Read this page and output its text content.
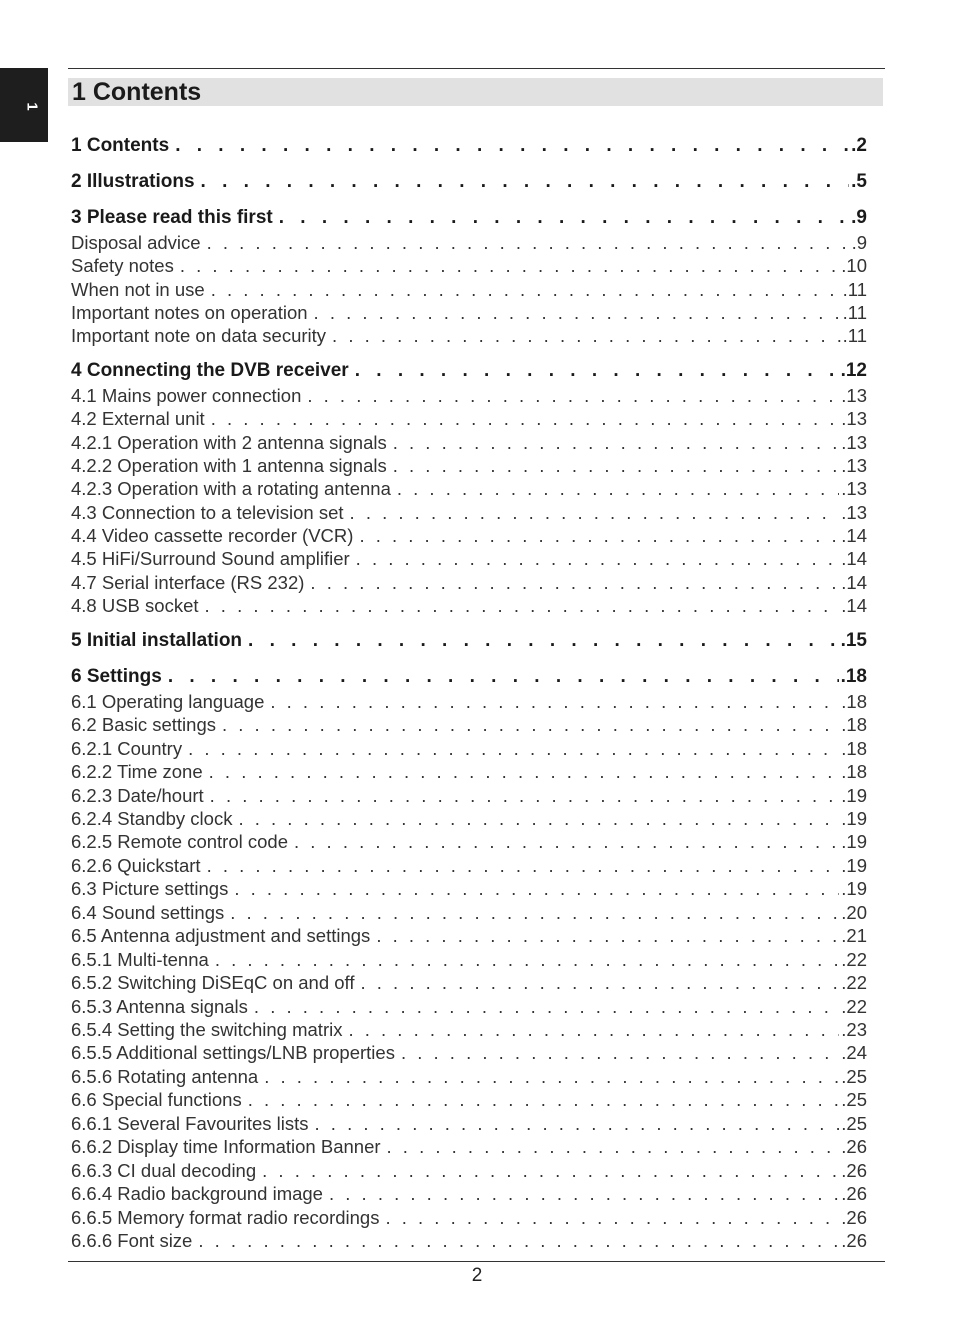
1
1 Contents
1 Contents . . .	.2
2 Illustrations . . .	.5
3 Please read this first . . .	.9
Disposal advice . . .	.9
Safety notes . . .	.10
When not in use . . .	.11
Important notes on operation . . .	.11
Important note on data security . . .	.11
4 Connecting the DVB receiver . . .	.12
4.1 Mains power connection . . .	.13
4.2 External unit . . .	.13
4.2.1 Operation with 2 antenna signals . . .	.13
4.2.2 Operation with 1 antenna signals . . .	.13
4.2.3 Operation with a rotating antenna . . .	.13
4.3 Connection to a television set . . .	.13
4.4 Video cassette recorder (VCR) . . .	.14
4.5 HiFi/Surround Sound amplifier . . .	.14
4.7 Serial interface (RS 232) . . .	.14
4.8 USB socket . . .	.14
5 Initial installation . . .	.15
6 Settings . . .	.18
6.1 Operating language . . .	.18
6.2 Basic settings . . .	.18
6.2.1 Country . . .	.18
6.2.2 Time zone . . .	.18
6.2.3 Date/hourt . . .	.19
6.2.4 Standby clock . . .	.19
6.2.5 Remote control code . . .	.19
6.2.6 Quickstart . . .	.19
6.3 Picture settings . . .	.19
6.4 Sound settings . . .	.20
6.5 Antenna adjustment and settings . . .	.21
6.5.1 Multi-tenna . . .	.22
6.5.2 Switching DiSEqC on and off . . .	.22
6.5.3 Antenna signals . . .	.22
6.5.4 Setting the switching matrix . . .	.23
6.5.5 Additional settings/LNB properties . . .	.24
6.5.6 Rotating antenna . . .	.25
6.6 Special functions . . .	.25
6.6.1 Several Favourites lists . . .	.25
6.6.2 Display time Information Banner . . .	.26
6.6.3 CI dual decoding . . .	.26
6.6.4 Radio background image . . .	.26
6.6.5 Memory format radio recordings . . .	.26
6.6.6 Font size . . .	.26
2
